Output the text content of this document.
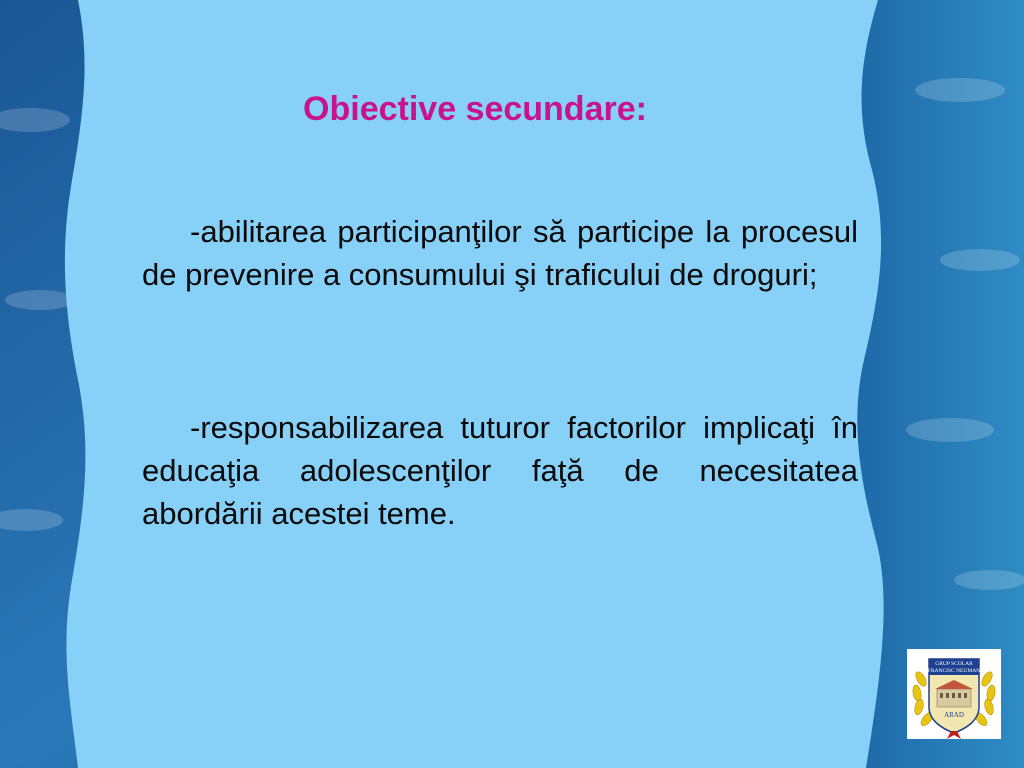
Obiective secundare:

-abilitarea participanţilor să participe la procesul de prevenire a consumului şi traficului de droguri;

-responsabilizarea tuturor factorilor implicaţi în educaţia adolescenţilor faţă de necesitatea abordării acestei teme.

GRUP SCOLAR
FRANCISC NEUMAN
ARAD
